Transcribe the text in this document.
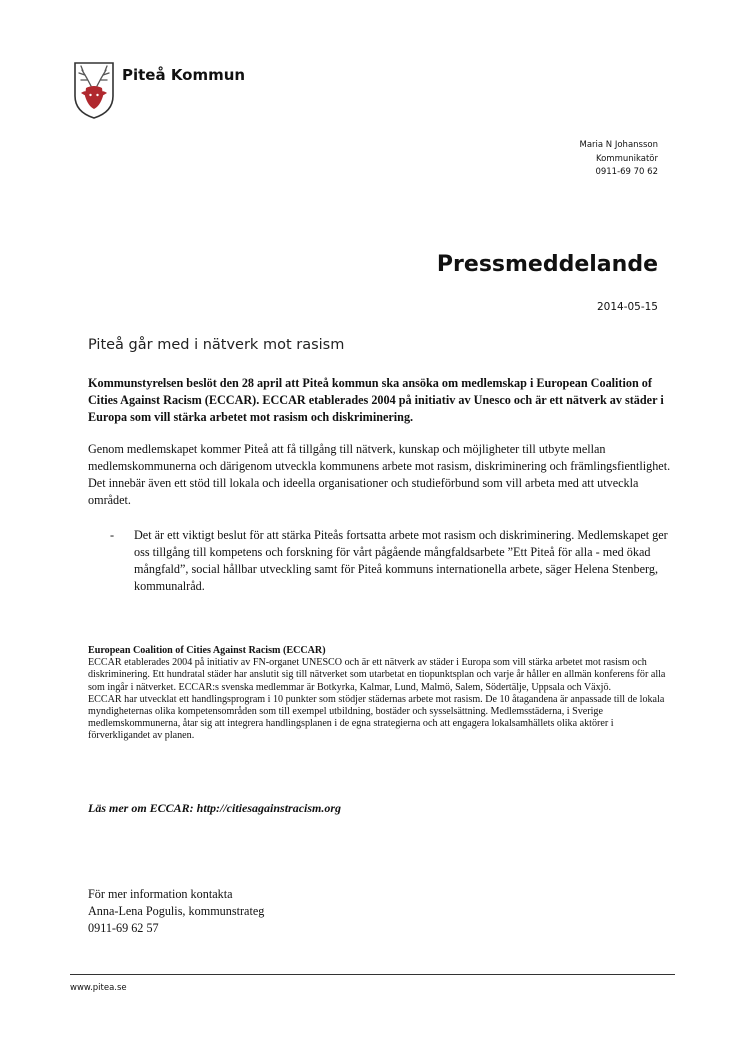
Piteå Kommun
Maria N Johansson
Kommunikatör
0911-69 70 62
Pressmeddelande
2014-05-15
Piteå går med i nätverk mot rasism

Kommunstyrelsen beslöt den 28 april att Piteå kommun ska ansöka om medlemskap i European Coalition of Cities Against Racism (ECCAR). ECCAR etablerades 2004 på initiativ av Unesco och är ett nätverk av städer i Europa som vill stärka arbetet mot rasism och diskriminering.

Genom medlemskapet kommer Piteå att få tillgång till nätverk, kunskap och möjligheter till utbyte mellan medlemskommunerna och därigenom utveckla kommunens arbete mot rasism, diskriminering och främlingsfientlighet. Det innebär även ett stöd till lokala och ideella organisationer och studieförbund som vill arbeta med att utveckla området.

-	Det är ett viktigt beslut för att stärka Piteås fortsatta arbete mot rasism och diskriminering. Medlemskapet ger oss tillgång till kompetens och forskning för vårt pågående mångfaldsarbete ”Ett Piteå för alla - med ökad mångfald”, social hållbar utveckling samt för Piteå kommuns internationella arbete, säger Helena Stenberg, kommunalråd.

European Coalition of Cities Against Racism (ECCAR)

ECCAR etablerades 2004 på initiativ av FN-organet UNESCO och är ett nätverk av städer i Europa som vill stärka arbetet mot rasism och diskriminering. Ett hundratal städer har anslutit sig till nätverket som utarbetat en tiopunktsplan och varje år håller en allmän konferens för alla som ingår i nätverket. ECCAR:s svenska medlemmar är Botkyrka, Kalmar, Lund, Malmö, Salem, Södertälje, Uppsala och Växjö.

ECCAR har utvecklat ett handlingsprogram i 10 punkter som stödjer städernas arbete mot rasism. De 10 åtagandena är anpassade till de lokala myndigheternas olika kompetensområden som till exempel utbildning, bostäder och sysselsättning. Medlemsstäderna, i Sverige medlemskommunerna, åtar sig att integrera handlingsplanen i de egna strategierna och att engagera lokalsamhällets olika aktörer i förverkligandet av planen.

Läs mer om ECCAR: http://citiesagainstracism.org

För mer information kontakta
Anna-Lena Pogulis, kommunstrateg
0911-69 62 57
www.pitea.se
